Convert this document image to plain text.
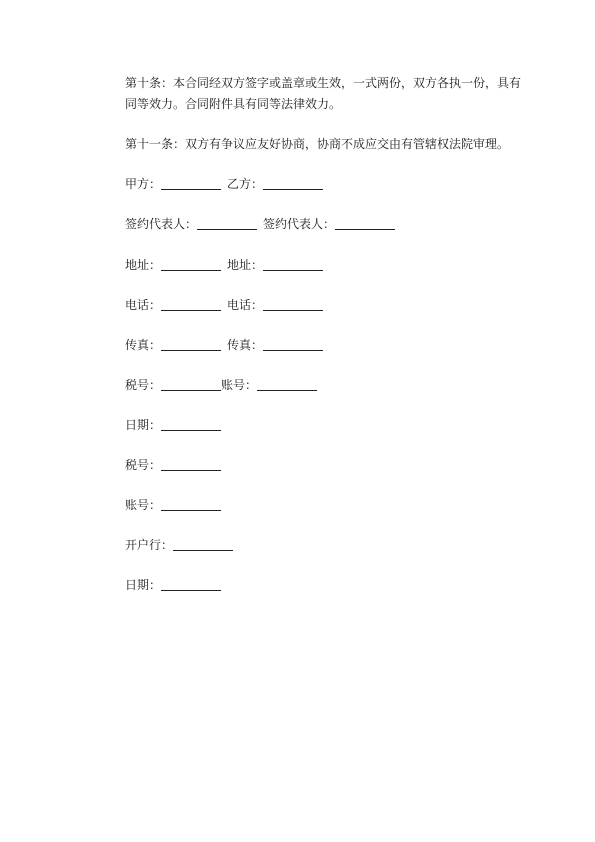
第十条：本合同经双方签字或盖章或生效，一式两份，双方各执一份，具有同等效力。合同附件具有同等法律效力。

第十一条：双方有争议应友好协商，协商不成应交由有管辖权法院审理。

甲方：	乙方：
签约代表人：	签约代表人：
地址：	地址：
电话：	电话：
传真：	传真：
税号：	账号：
日期：
税号：
账号：
开户行：
日期：
